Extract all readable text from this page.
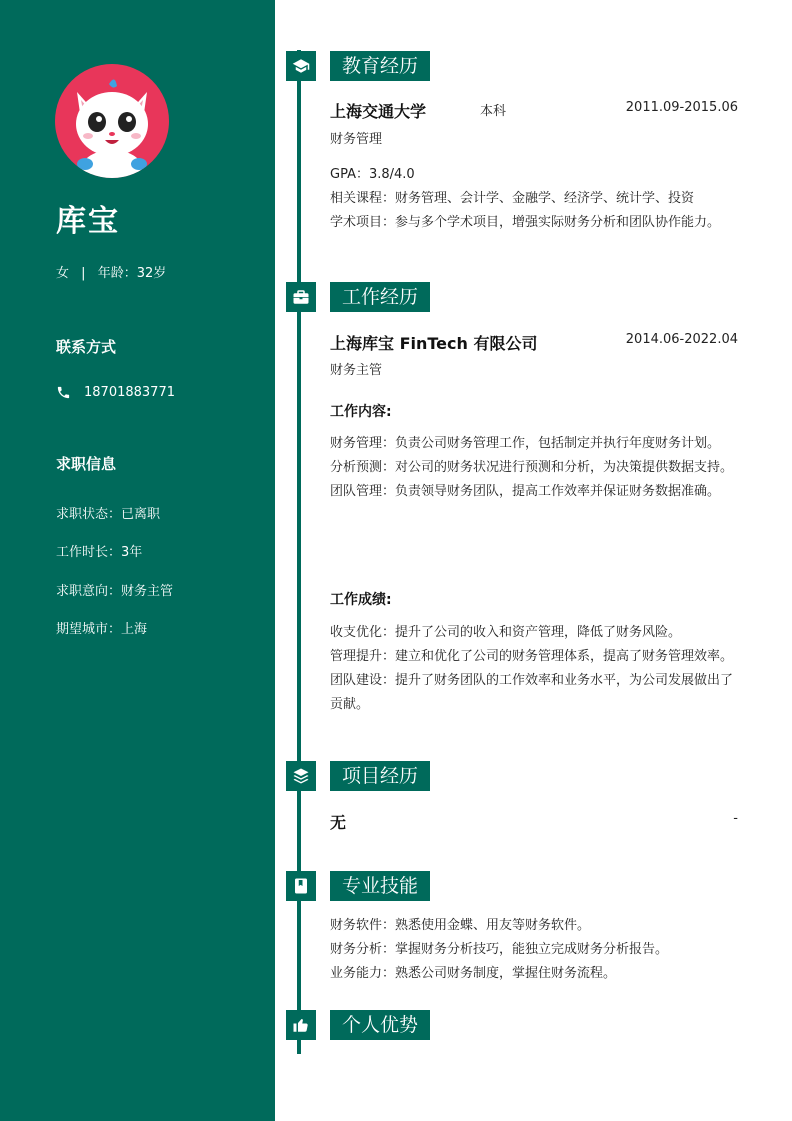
库宝
女 | 年龄：32岁
联系方式
18701883771
求职信息
求职状态：已离职
工作时长：3年
求职意向：财务主管
期望城市：上海
教育经历
上海交通大学	本科	2011.09-2015.06
财务管理
GPA：3.8/4.0
相关课程：财务管理、会计学、金融学、经济学、统计学、投资
学术项目：参与多个学术项目，增强实际财务分析和团队协作能力。
工作经历
上海库宝 FinTech 有限公司	2014.06-2022.04
财务主管
工作内容:
财务管理：负责公司财务管理工作，包括制定并执行年度财务计划。
分析预测：对公司的财务状况进行预测和分析，为决策提供数据支持。
团队管理：负责领导财务团队，提高工作效率并保证财务数据准确。
工作成绩:
收支优化：提升了公司的收入和资产管理，降低了财务风险。
管理提升：建立和优化了公司的财务管理体系，提高了财务管理效率。
团队建设：提升了财务团队的工作效率和业务水平，为公司发展做出了贡献。
项目经历
无	-
专业技能
财务软件：熟悉使用金蝶、用友等财务软件。
财务分析：掌握财务分析技巧，能独立完成财务分析报告。
业务能力：熟悉公司财务制度，掌握住财务流程。
个人优势
